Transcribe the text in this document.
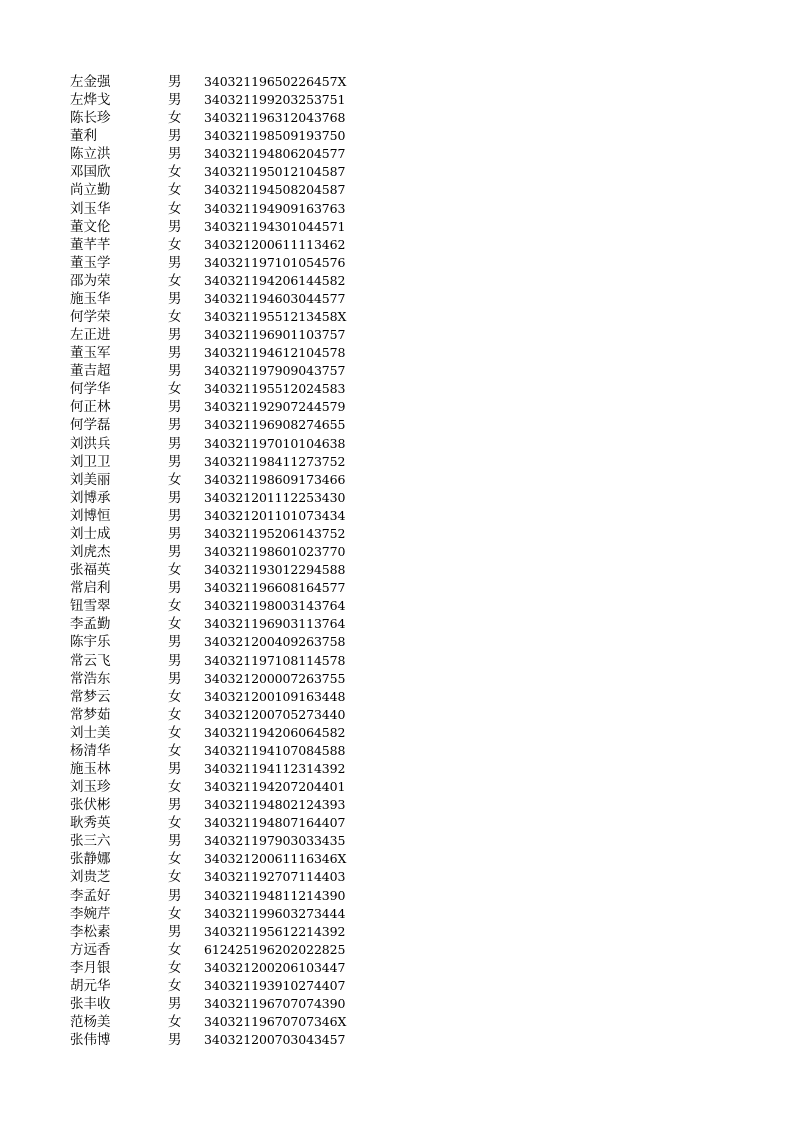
左金强	男	34032119650226457X
左烨戈	男	340321199203253751
陈长珍	女	340321196312043768
董利	男	340321198509193750
陈立洪	男	340321194806204577
邓国欣	女	340321195012104587
尚立勤	女	340321194508204587
刘玉华	女	340321194909163763
董文伦	男	340321194301044571
董芊芊	女	340321200611113462
董玉学	男	340321197101054576
邵为荣	女	340321194206144582
施玉华	男	340321194603044577
何学荣	女	34032119551213458X
左正进	男	340321196901103757
董玉军	男	340321194612104578
董吉超	男	340321197909043757
何学华	女	340321195512024583
何正林	男	340321192907244579
何学磊	男	340321196908274655
刘洪兵	男	340321197010104638
刘卫卫	男	340321198411273752
刘美丽	女	340321198609173466
刘博承	男	340321201112253430
刘博恒	男	340321201101073434
刘士成	男	340321195206143752
刘虎杰	男	340321198601023770
张福英	女	340321193012294588
常启利	男	340321196608164577
钮雪翠	女	340321198003143764
李孟勤	女	340321196903113764
陈宇乐	男	340321200409263758
常云飞	男	340321197108114578
常浩东	男	340321200007263755
常梦云	女	340321200109163448
常梦茹	女	340321200705273440
刘士美	女	340321194206064582
杨清华	女	340321194107084588
施玉林	男	340321194112314392
刘玉珍	女	340321194207204401
张伏彬	男	340321194802124393
耿秀英	女	340321194807164407
张三六	男	340321197903033435
张静娜	女	34032120061116346X
刘贵芝	女	340321192707114403
李孟好	男	340321194811214390
李婉芹	女	340321199603273444
李松素	男	340321195612214392
方远香	女	612425196202022825
李月银	女	340321200206103447
胡元华	女	340321193910274407
张丰收	男	340321196707074390
范杨美	女	34032119670707346X
张伟博	男	340321200703043457
